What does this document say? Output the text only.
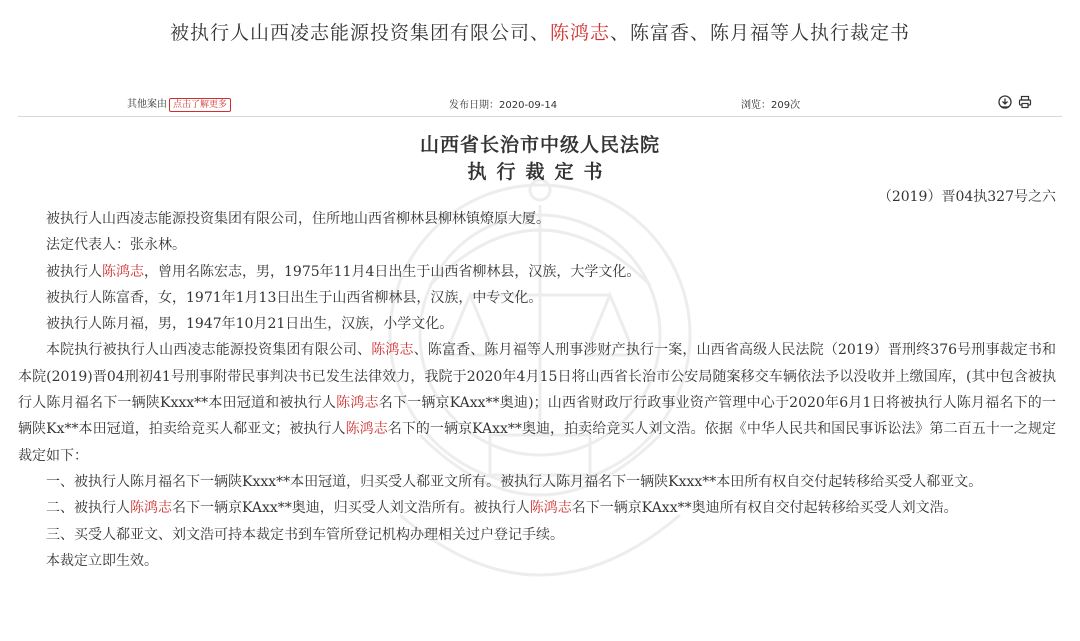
被执行人山西凌志能源投资集团有限公司、陈鸿志、陈富香、陈月福等人执行裁定书
其他案由 点击了解更多	发布日期：2020-09-14	浏览：209次
山西省长治市中级人民法院
执行裁定书
（2019）晋04执327号之六

被执行人山西凌志能源投资集团有限公司，住所地山西省柳林县柳林镇燎原大厦。

法定代表人：张永林。

被执行人陈鸿志，曾用名陈宏志，男，1975年11月4日出生于山西省柳林县，汉族，大学文化。

被执行人陈富香，女，1971年1月13日出生于山西省柳林县，汉族，中专文化。

被执行人陈月福，男，1947年10月21日出生，汉族，小学文化。

本院执行被执行人山西凌志能源投资集团有限公司、陈鸿志、陈富香、陈月福等人刑事涉财产执行一案，山西省高级人民法院（2019）晋刑终376号刑事裁定书和本院(2019)晋04刑初41号刑事附带民事判决书已发生法律效力，我院于2020年4月15日将山西省长治市公安局随案移交车辆依法予以没收并上缴国库，(其中包含被执行人陈月福名下一辆陕Kxxx**本田冠道和被执行人陈鸿志名下一辆京KAxx**奥迪)；山西省财政厅行政事业资产管理中心于2020年6月1日将被执行人陈月福名下的一辆陕Kx**本田冠道，拍卖给竞买人郗亚文；被执行人陈鸿志名下的一辆京KAxx**奥迪，拍卖给竞买人刘文浩。依据《中华人民共和国民事诉讼法》第二百五十一之规定裁定如下：

一、被执行人陈月福名下一辆陕Kxxx**本田冠道，归买受人郗亚文所有。被执行人陈月福名下一辆陕Kxxx**本田所有权自交付起转移给买受人郗亚文。

二、被执行人陈鸿志名下一辆京KAxx**奥迪，归买受人刘文浩所有。被执行人陈鸿志名下一辆京KAxx**奥迪所有权自交付起转移给买受人刘文浩。

三、买受人郗亚文、刘文浩可持本裁定书到车管所登记机构办理相关过户登记手续。

本裁定立即生效。
